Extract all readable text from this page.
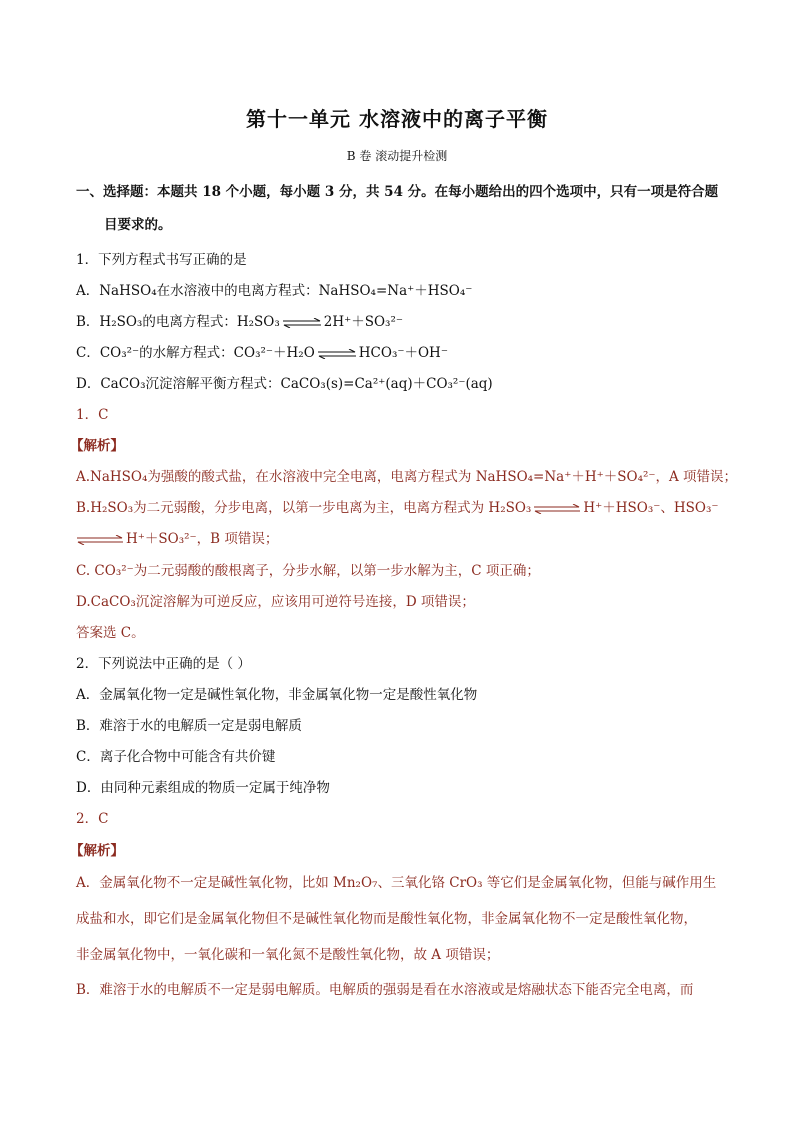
第十一单元 水溶液中的离子平衡
B 卷 滚动提升检测
一、选择题：本题共 18 个小题，每小题 3 分，共 54 分。在每小题给出的四个选项中，只有一项是符合题
目要求的。
1．下列方程式书写正确的是
A．NaHSO₄在水溶液中的电离方程式：NaHSO₄=Na⁺＋HSO₄⁻
B．H₂SO₃的电离方程式：H₂SO₃ ⇌ 2H⁺＋SO₃²⁻
C．CO₃²⁻的水解方程式：CO₃²⁻＋H₂O ⇌ HCO₃⁻＋OH⁻
D．CaCO₃沉淀溶解平衡方程式：CaCO₃(s)=Ca²⁺(aq)＋CO₃²⁻(aq)
1．C
【解析】
A.NaHSO₄为强酸的酸式盐，在水溶液中完全电离，电离方程式为 NaHSO₄=Na⁺＋H⁺＋SO₄²⁻，A 项错误；
B.H₂SO₃为二元弱酸，分步电离，以第一步电离为主，电离方程式为 H₂SO₃ ⇌ H⁺＋HSO₃⁻、HSO₃⁻
⇌ H⁺＋SO₃²⁻，B 项错误；
C. CO₃²⁻为二元弱酸的酸根离子，分步水解，以第一步水解为主，C 项正确；
D.CaCO₃沉淀溶解为可逆反应，应该用可逆符号连接，D 项错误；
答案选 C。
2．下列说法中正确的是（ ）
A．金属氧化物一定是碱性氧化物，非金属氧化物一定是酸性氧化物
B．难溶于水的电解质一定是弱电解质
C．离子化合物中可能含有共价键
D．由同种元素组成的物质一定属于纯净物
2．C
【解析】
A．金属氧化物不一定是碱性氧化物，比如 Mn₂O₇、三氧化铬 CrO₃ 等它们是金属氧化物，但能与碱作用生
成盐和水，即它们是金属氧化物但不是碱性氧化物而是酸性氧化物，非金属氧化物不一定是酸性氧化物，
非金属氧化物中，一氧化碳和一氧化氮不是酸性氧化物，故 A 项错误；
B．难溶于水的电解质不一定是弱电解质。电解质的强弱是看在水溶液或是熔融状态下能否完全电离，而
